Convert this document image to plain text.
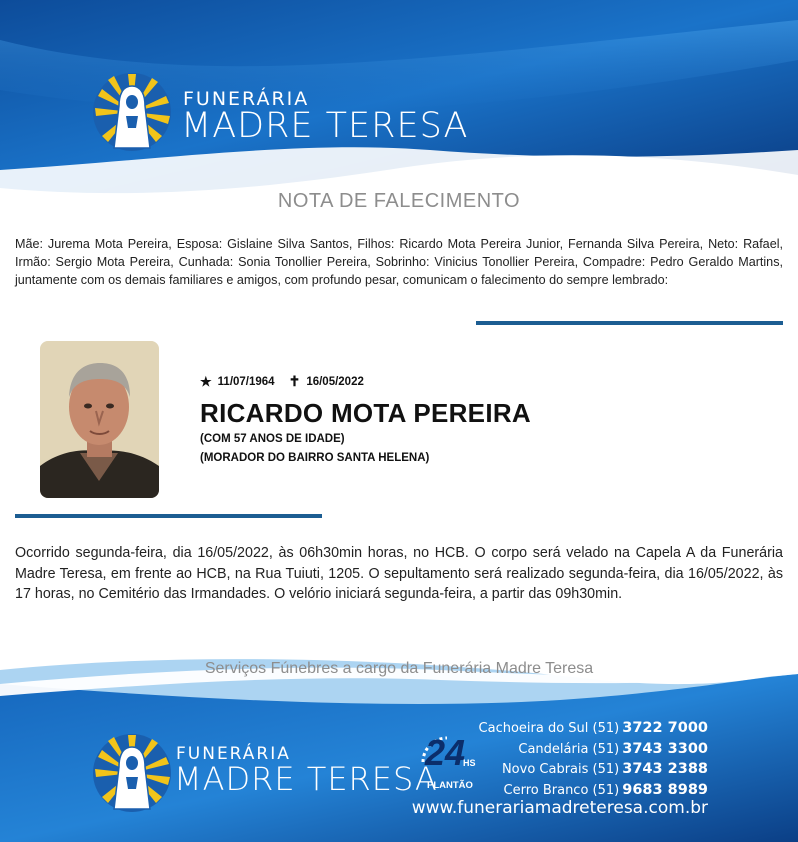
FUNERÁRIA
MADRE TERESA
NOTA DE FALECIMENTO
Mãe: Jurema Mota Pereira, Esposa: Gislaine Silva Santos, Filhos: Ricardo Mota Pereira Junior, Fernanda Silva Pereira, Neto: Rafael, Irmão: Sergio Mota Pereira, Cunhada: Sonia Tonollier Pereira, Sobrinho: Vinicius Tonollier Pereira, Compadre: Pedro Geraldo Martins, juntamente com os demais familiares e amigos, com profundo pesar, comunicam o falecimento do sempre lembrado:
★ 11/07/1964 ✝ 16/05/2022
RICARDO MOTA PEREIRA
(COM 57 ANOS DE IDADE)
(MORADOR DO BAIRRO SANTA HELENA)
Ocorrido segunda-feira, dia 16/05/2022, às 06h30min horas, no HCB. O corpo será velado na Capela A da Funerária Madre Teresa, em frente ao HCB, na Rua Tuiuti, 1205. O sepultamento será realizado segunda-feira, dia 16/05/2022, às 17 horas, no Cemitério das Irmandades. O velório iniciará segunda-feira, a partir das 09h30min.
Serviços Fúnebres a cargo da Funerária Madre Teresa
FUNERÁRIA
MADRE TERESA
24
HS
PLANTÃO
Cachoeira do Sul (51) 3722 7000
Candelária (51) 3743 3300
Novo Cabrais (51) 3743 2388
Cerro Branco (51) 9683 8989
www.funerariamadreteresa.com.br
